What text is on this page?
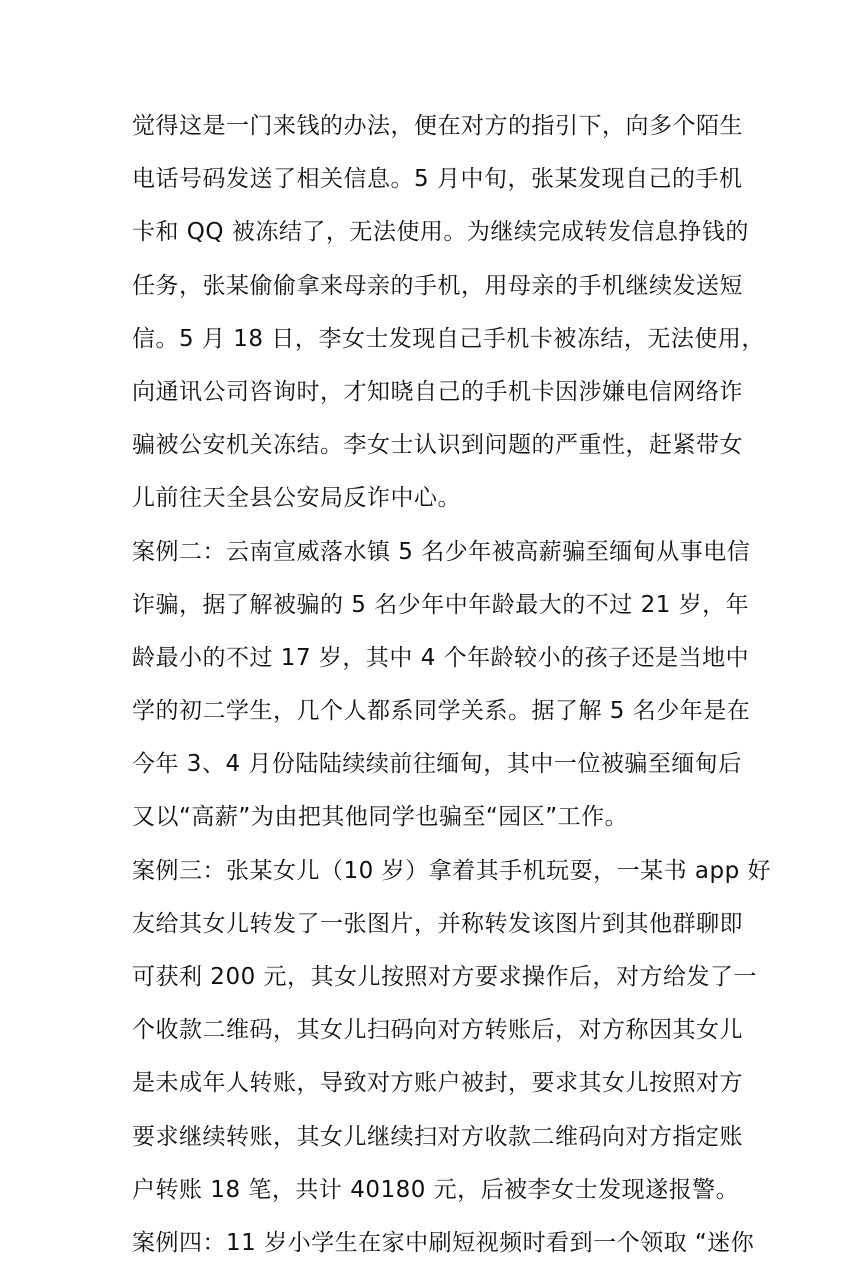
觉得这是一门来钱的办法，便在对方的指引下，向多个陌生
电话号码发送了相关信息。5 月中旬，张某发现自己的手机
卡和 QQ 被冻结了，无法使用。为继续完成转发信息挣钱的
任务，张某偷偷拿来母亲的手机，用母亲的手机继续发送短
信。5 月 18 日，李女士发现自己手机卡被冻结，无法使用，
向通讯公司咨询时，才知晓自己的手机卡因涉嫌电信网络诈
骗被公安机关冻结。李女士认识到问题的严重性，赶紧带女
儿前往天全县公安局反诈中心。
案例二：云南宣威落水镇 5 名少年被高薪骗至缅甸从事电信
诈骗，据了解被骗的 5 名少年中年龄最大的不过 21 岁，年
龄最小的不过 17 岁，其中 4 个年龄较小的孩子还是当地中
学的初二学生，几个人都系同学关系。据了解 5 名少年是在
今年 3、4 月份陆陆续续前往缅甸，其中一位被骗至缅甸后
又以“高薪”为由把其他同学也骗至“园区”工作。
案例三：张某女儿（10 岁）拿着其手机玩耍，一某书 app 好
友给其女儿转发了一张图片，并称转发该图片到其他群聊即
可获利 200 元，其女儿按照对方要求操作后，对方给发了一
个收款二维码，其女儿扫码向对方转账后，对方称因其女儿
是未成年人转账，导致对方账户被封，要求其女儿按照对方
要求继续转账，其女儿继续扫对方收款二维码向对方指定账
户转账 18 笔，共计 40180 元，后被李女士发现遂报警。
案例四：11 岁小学生在家中刷短视频时看到一个领取 “迷你
